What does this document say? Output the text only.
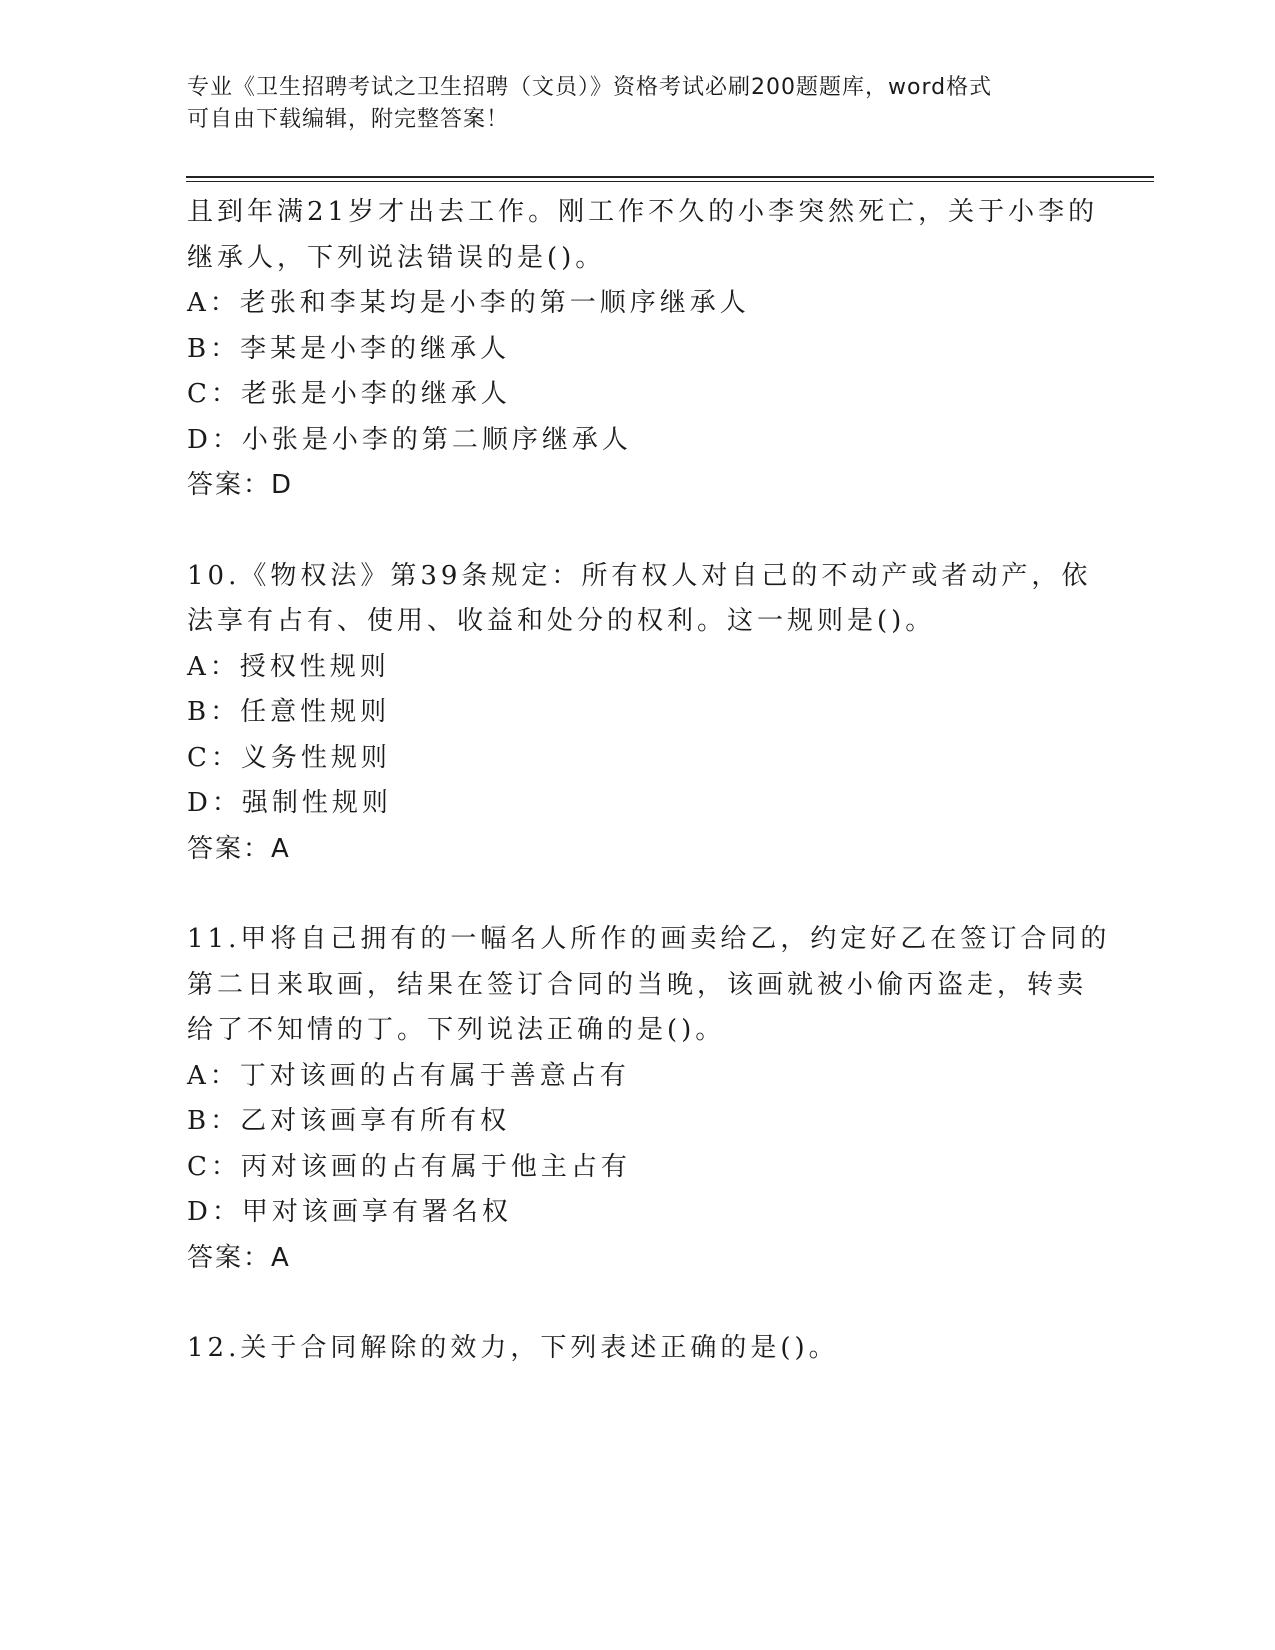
专业《卫生招聘考试之卫生招聘（文员）》资格考试必刷200题题库，word格式
可自由下载编辑，附完整答案！
且到年满21岁才出去工作。刚工作不久的小李突然死亡，关于小李的
继承人，下列说法错误的是()。
A：老张和李某均是小李的第一顺序继承人
B：李某是小李的继承人
C：老张是小李的继承人
D：小张是小李的第二顺序继承人
答案：D
10.《物权法》第39条规定：所有权人对自己的不动产或者动产，依
法享有占有、使用、收益和处分的权利。这一规则是()。
A：授权性规则
B：任意性规则
C：义务性规则
D：强制性规则
答案：A
11.甲将自己拥有的一幅名人所作的画卖给乙，约定好乙在签订合同的
第二日来取画，结果在签订合同的当晚，该画就被小偷丙盗走，转卖
给了不知情的丁。下列说法正确的是()。
A：丁对该画的占有属于善意占有
B：乙对该画享有所有权
C：丙对该画的占有属于他主占有
D：甲对该画享有署名权
答案：A
12.关于合同解除的效力，下列表述正确的是()。
